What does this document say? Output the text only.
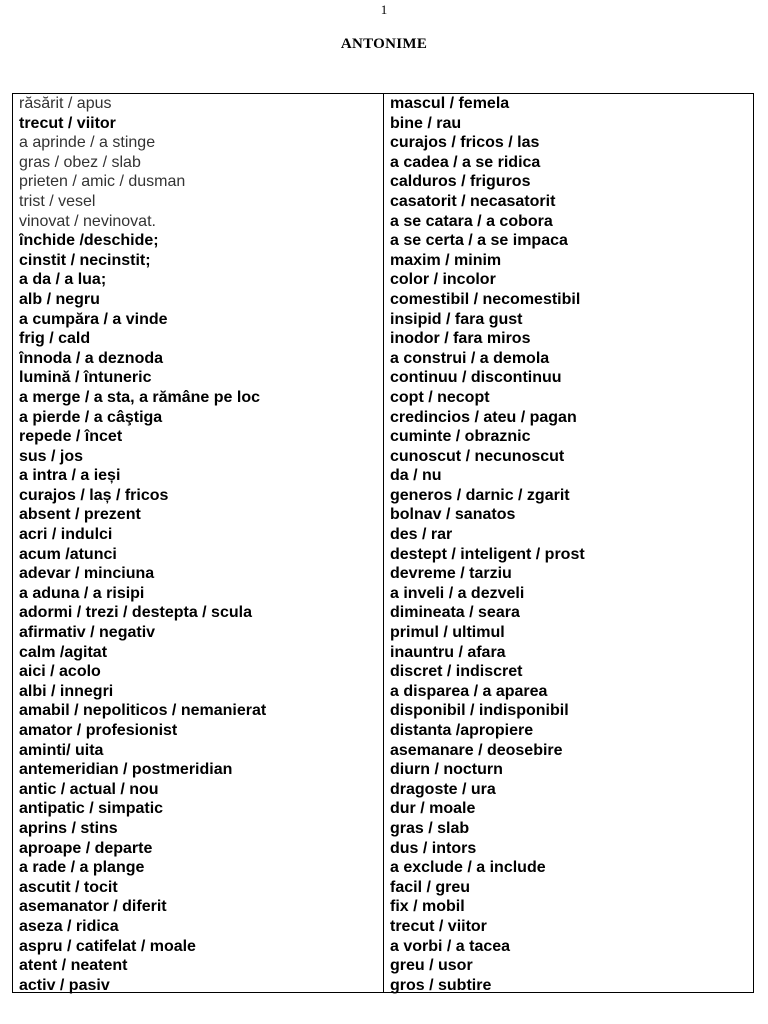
1
ANTONIME
răsărit / apus
trecut / viitor
a aprinde / a stinge
gras / obez / slab
prieten / amic / dusman
trist / vesel
vinovat / nevinovat.
închide /deschide;
cinstit / necinstit;
a da / a lua;
alb / negru
a cumpăra / a vinde
frig / cald
înnoda / a deznoda
lumină / întuneric
a merge / a sta, a rămâne pe loc
a pierde / a câştiga
repede / încet
sus / jos
a intra / a ieși
curajos / laș / fricos
absent / prezent
acri / indulci
acum /atunci
adevar / minciuna
a aduna / a risipi
adormi / trezi / destepta / scula
afirmativ / negativ
calm /agitat
aici / acolo
albi / innegri
amabil / nepoliticos / nemanierat
amator / profesionist
aminti/ uita
antemeridian / postmeridian
antic / actual / nou
antipatic / simpatic
aprins / stins
aproape / departe
a rade / a plange
ascutit / tocit
asemanator / diferit
aseza / ridica
aspru / catifelat / moale
atent / neatent
activ / pasiv
mascul / femela
bine / rau
curajos / fricos / las
a cadea / a se ridica
calduros / friguros
casatorit / necasatorit
a se catara / a cobora
a se certa / a se impaca
maxim / minim
color / incolor
comestibil / necomestibil
insipid / fara gust
inodor / fara miros
a construi / a demola
continuu / discontinuu
copt / necopt
credincios / ateu / pagan
cuminte / obraznic
cunoscut / necunoscut
da / nu
generos / darnic / zgarit
bolnav / sanatos
des / rar
destept / inteligent / prost
devreme / tarziu
a inveli / a dezveli
dimineata / seara
primul / ultimul
inauntru / afara
discret / indiscret
a disparea / a aparea
disponibil / indisponibil
distanta /apropiere
asemanare / deosebire
diurn / nocturn
dragoste / ura
dur / moale
gras / slab
dus / intors
a exclude / a include
facil / greu
fix / mobil
trecut / viitor
a vorbi / a tacea
greu / usor
gros / subtire
